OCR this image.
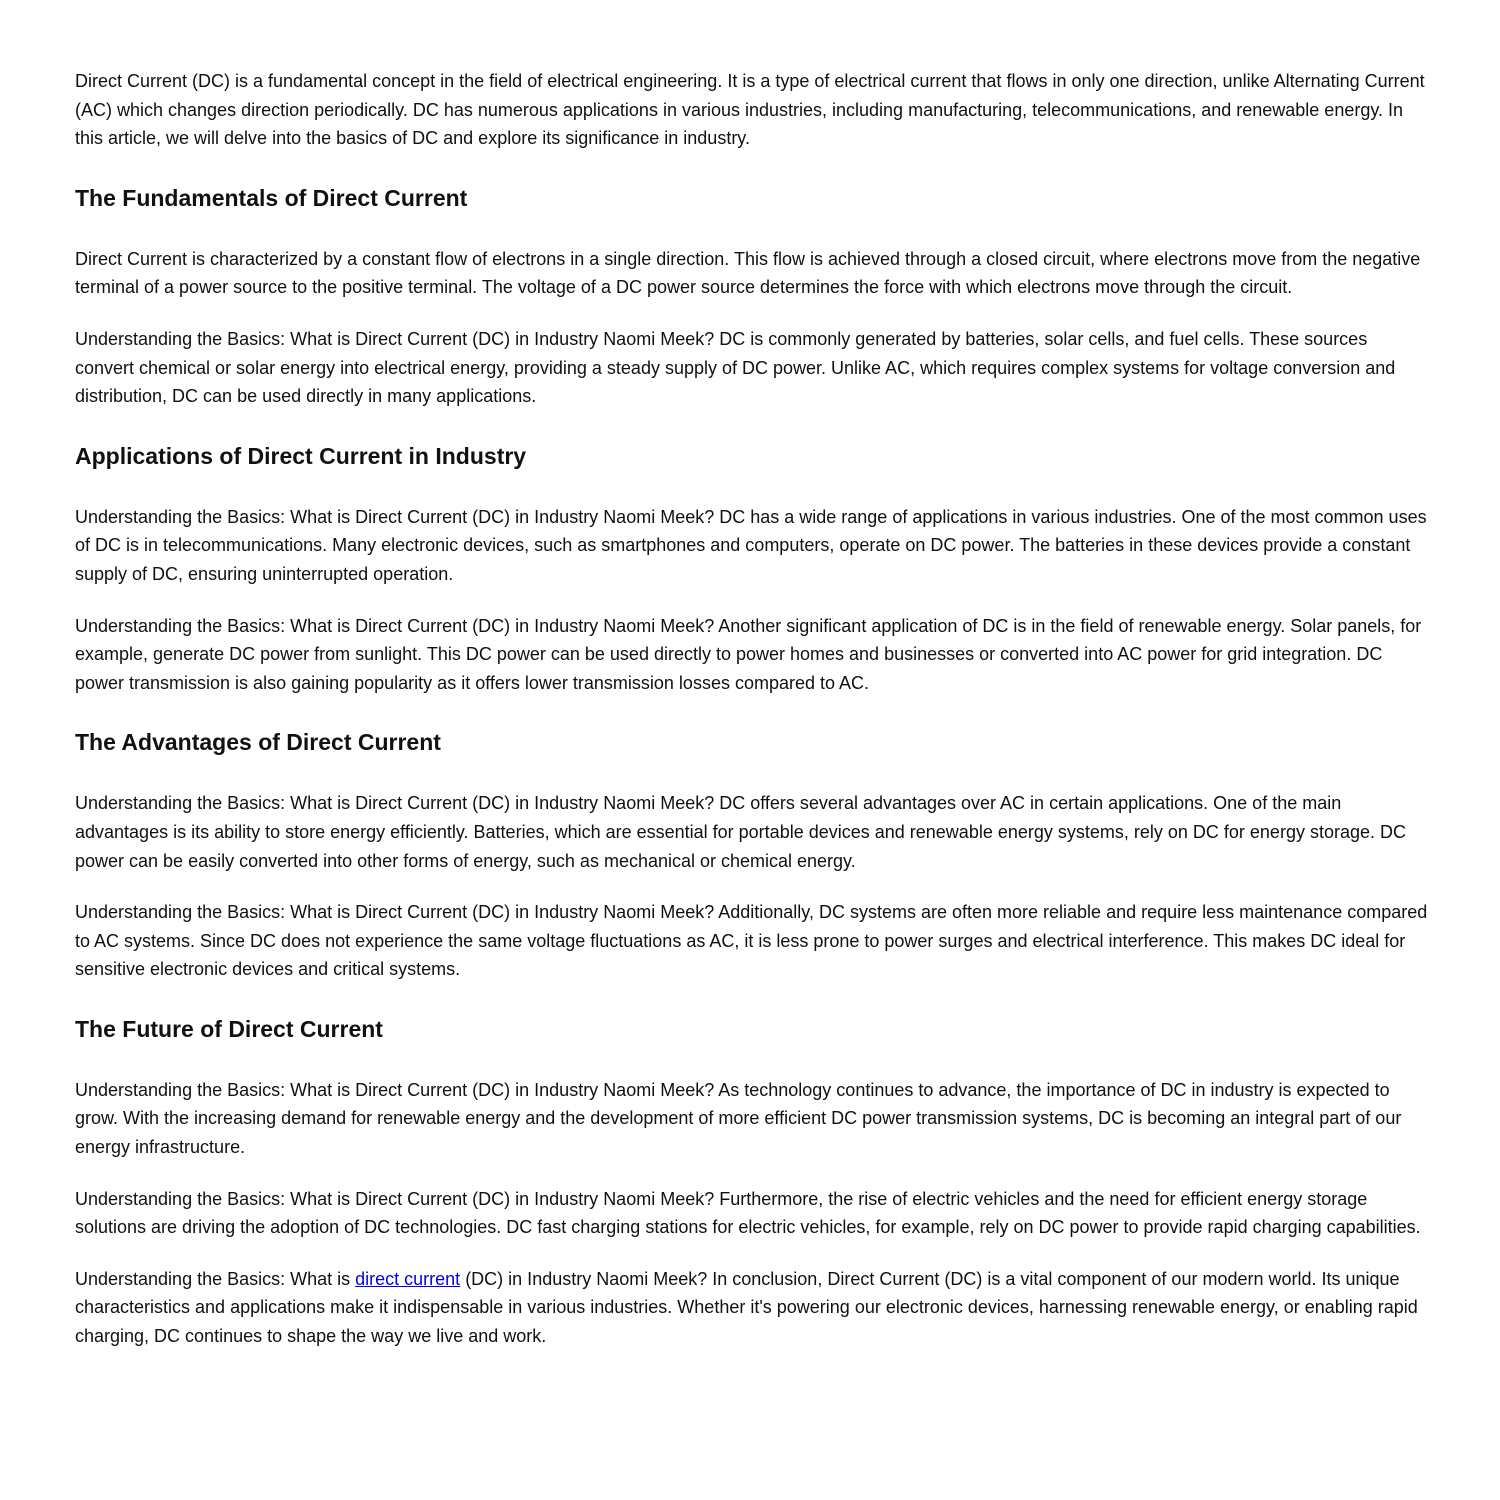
Direct Current (DC) is a fundamental concept in the field of electrical engineering. It is a type of electrical current that flows in only one direction, unlike Alternating Current (AC) which changes direction periodically. DC has numerous applications in various industries, including manufacturing, telecommunications, and renewable energy. In this article, we will delve into the basics of DC and explore its significance in industry.

The Fundamentals of Direct Current

Direct Current is characterized by a constant flow of electrons in a single direction. This flow is achieved through a closed circuit, where electrons move from the negative terminal of a power source to the positive terminal. The voltage of a DC power source determines the force with which electrons move through the circuit.

Understanding the Basics: What is Direct Current (DC) in Industry Naomi Meek? DC is commonly generated by batteries, solar cells, and fuel cells. These sources convert chemical or solar energy into electrical energy, providing a steady supply of DC power. Unlike AC, which requires complex systems for voltage conversion and distribution, DC can be used directly in many applications.

Applications of Direct Current in Industry

Understanding the Basics: What is Direct Current (DC) in Industry Naomi Meek? DC has a wide range of applications in various industries. One of the most common uses of DC is in telecommunications. Many electronic devices, such as smartphones and computers, operate on DC power. The batteries in these devices provide a constant supply of DC, ensuring uninterrupted operation.

Understanding the Basics: What is Direct Current (DC) in Industry Naomi Meek? Another significant application of DC is in the field of renewable energy. Solar panels, for example, generate DC power from sunlight. This DC power can be used directly to power homes and businesses or converted into AC power for grid integration. DC power transmission is also gaining popularity as it offers lower transmission losses compared to AC.

The Advantages of Direct Current

Understanding the Basics: What is Direct Current (DC) in Industry Naomi Meek? DC offers several advantages over AC in certain applications. One of the main advantages is its ability to store energy efficiently. Batteries, which are essential for portable devices and renewable energy systems, rely on DC for energy storage. DC power can be easily converted into other forms of energy, such as mechanical or chemical energy.

Understanding the Basics: What is Direct Current (DC) in Industry Naomi Meek? Additionally, DC systems are often more reliable and require less maintenance compared to AC systems. Since DC does not experience the same voltage fluctuations as AC, it is less prone to power surges and electrical interference. This makes DC ideal for sensitive electronic devices and critical systems.

The Future of Direct Current

Understanding the Basics: What is Direct Current (DC) in Industry Naomi Meek? As technology continues to advance, the importance of DC in industry is expected to grow. With the increasing demand for renewable energy and the development of more efficient DC power transmission systems, DC is becoming an integral part of our energy infrastructure.

Understanding the Basics: What is Direct Current (DC) in Industry Naomi Meek? Furthermore, the rise of electric vehicles and the need for efficient energy storage solutions are driving the adoption of DC technologies. DC fast charging stations for electric vehicles, for example, rely on DC power to provide rapid charging capabilities.

Understanding the Basics: What is direct current (DC) in Industry Naomi Meek? In conclusion, Direct Current (DC) is a vital component of our modern world. Its unique characteristics and applications make it indispensable in various industries. Whether it's powering our electronic devices, harnessing renewable energy, or enabling rapid charging, DC continues to shape the way we live and work.
